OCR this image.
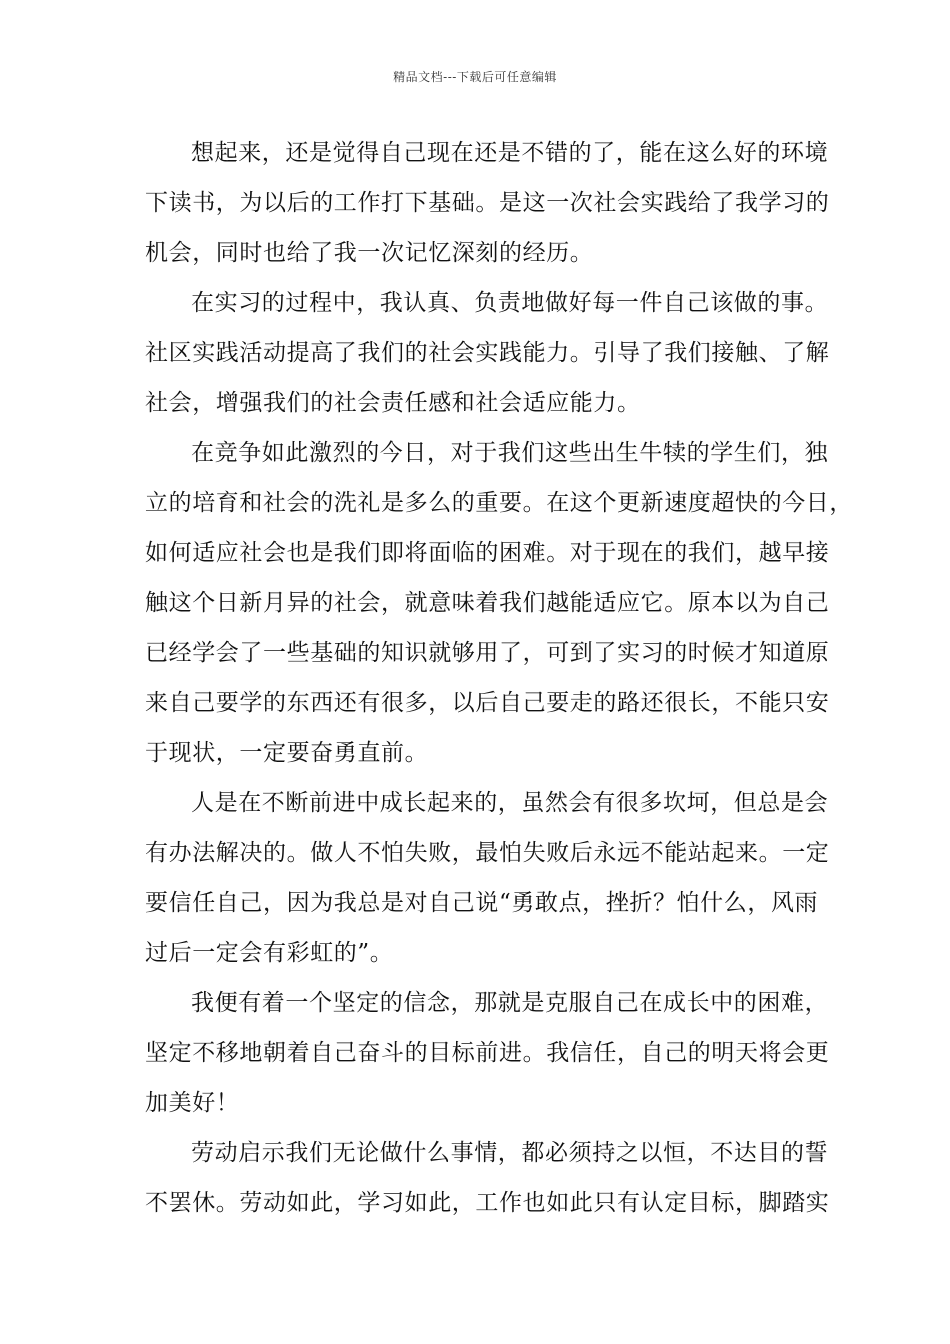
精品文档---下载后可任意编辑
想起来，还是觉得自己现在还是不错的了，能在这么好的环境
下读书，为以后的工作打下基础。是这一次社会实践给了我学习的
机会，同时也给了我一次记忆深刻的经历。
在实习的过程中，我认真、负责地做好每一件自己该做的事。
社区实践活动提高了我们的社会实践能力。引导了我们接触、了解
社会，增强我们的社会责任感和社会适应能力。
在竞争如此激烈的今日，对于我们这些出生牛犊的学生们，独
立的培育和社会的洗礼是多么的重要。在这个更新速度超快的今日，
如何适应社会也是我们即将面临的困难。对于现在的我们，越早接
触这个日新月异的社会，就意味着我们越能适应它。原本以为自己
已经学会了一些基础的知识就够用了，可到了实习的时候才知道原
来自己要学的东西还有很多，以后自己要走的路还很长，不能只安
于现状，一定要奋勇直前。
人是在不断前进中成长起来的，虽然会有很多坎坷，但总是会
有办法解决的。做人不怕失败，最怕失败后永远不能站起来。一定
要信任自己，因为我总是对自己说“勇敢点，挫折？怕什么，风雨
过后一定会有彩虹的”。
我便有着一个坚定的信念，那就是克服自己在成长中的困难，
坚定不移地朝着自己奋斗的目标前进。我信任，自己的明天将会更
加美好！
劳动启示我们无论做什么事情，都必须持之以恒，不达目的誓
不罢休。劳动如此，学习如此，工作也如此只有认定目标，脚踏实
